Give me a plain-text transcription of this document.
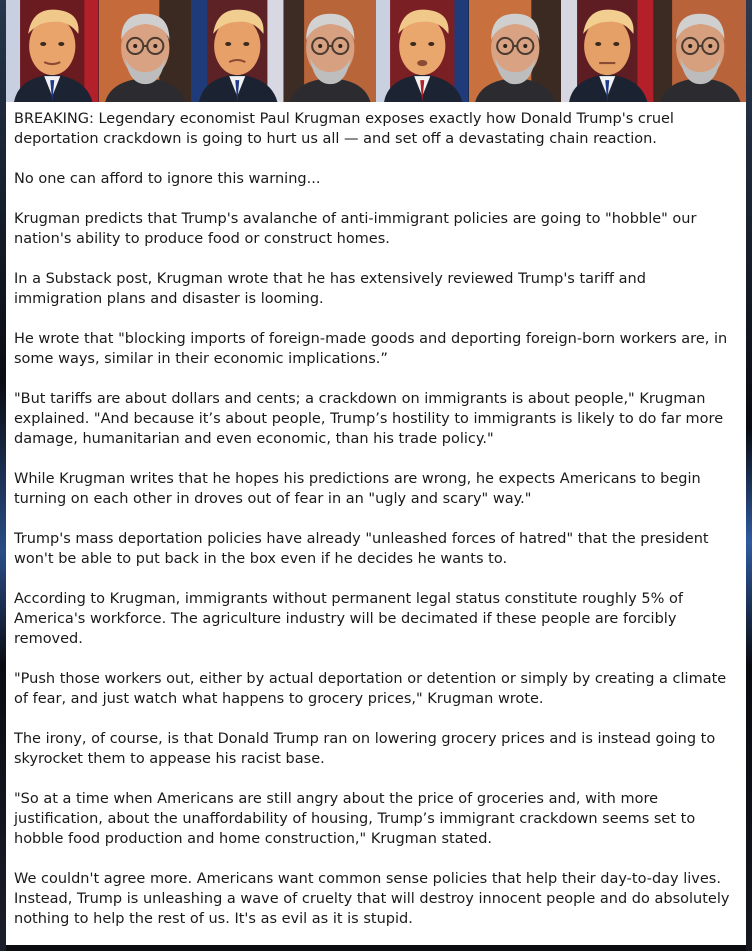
BREAKING: Legendary economist Paul Krugman exposes exactly how Donald Trump's cruel deportation crackdown is going to hurt us all — and set off a devastating chain reaction.

No one can afford to ignore this warning...

Krugman predicts that Trump's avalanche of anti-immigrant policies are going to "hobble" our nation's ability to produce food or construct homes.

In a Substack post, Krugman wrote that he has extensively reviewed Trump's tariff and immigration plans and disaster is looming.

He wrote that "blocking imports of foreign-made goods and deporting foreign-born workers are, in some ways, similar in their economic implications.”

"But tariffs are about dollars and cents; a crackdown on immigrants is about people," Krugman explained. "And because it’s about people, Trump’s hostility to immigrants is likely to do far more damage, humanitarian and even economic, than his trade policy."

While Krugman writes that he hopes his predictions are wrong, he expects Americans to begin turning on each other in droves out of fear in an "ugly and scary" way."

Trump's mass deportation policies have already "unleashed forces of hatred" that the president won't be able to put back in the box even if he decides he wants to.

According to Krugman, immigrants without permanent legal status constitute roughly 5% of America's workforce. The agriculture industry will be decimated if these people are forcibly removed.

"Push those workers out, either by actual deportation or detention or simply by creating a climate of fear, and just watch what happens to grocery prices," Krugman wrote.

The irony, of course, is that Donald Trump ran on lowering grocery prices and is instead going to skyrocket them to appease his racist base.

"So at a time when Americans are still angry about the price of groceries and, with more justification, about the unaffordability of housing, Trump’s immigrant crackdown seems set to hobble food production and home construction," Krugman stated.

We couldn't agree more. Americans want common sense policies that help their day-to-day lives. Instead, Trump is unleashing a wave of cruelty that will destroy innocent people and do absolutely nothing to help the rest of us. It's as evil as it is stupid.
